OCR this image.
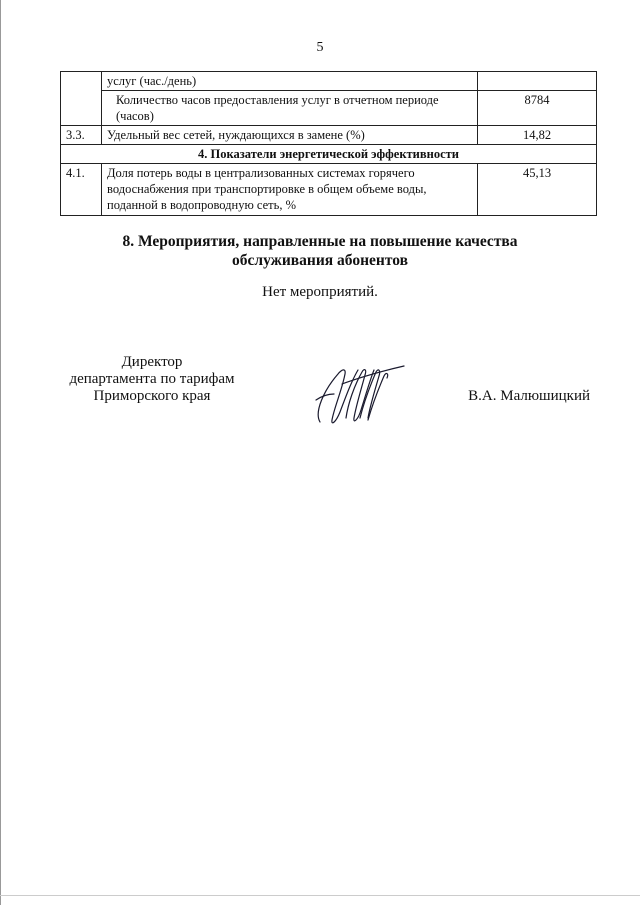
5
	услуг (час./день)	
	Количество часов предоставления услуг в отчетном периоде (часов)	8784
3.3.	Удельный вес сетей, нуждающихся в замене (%)	14,82
4. Показатели энергетической эффективности		
4.1.	Доля потерь воды в централизованных системах горячего водоснабжения при транспортировке в общем объеме воды, поданной в водопроводную сеть, %	45,13
8. Мероприятия, направленные на повышение качества
обслуживания абонентов
Нет мероприятий.
Директор
департамента по тарифам
Приморского края	В.А. Малюшицкий
